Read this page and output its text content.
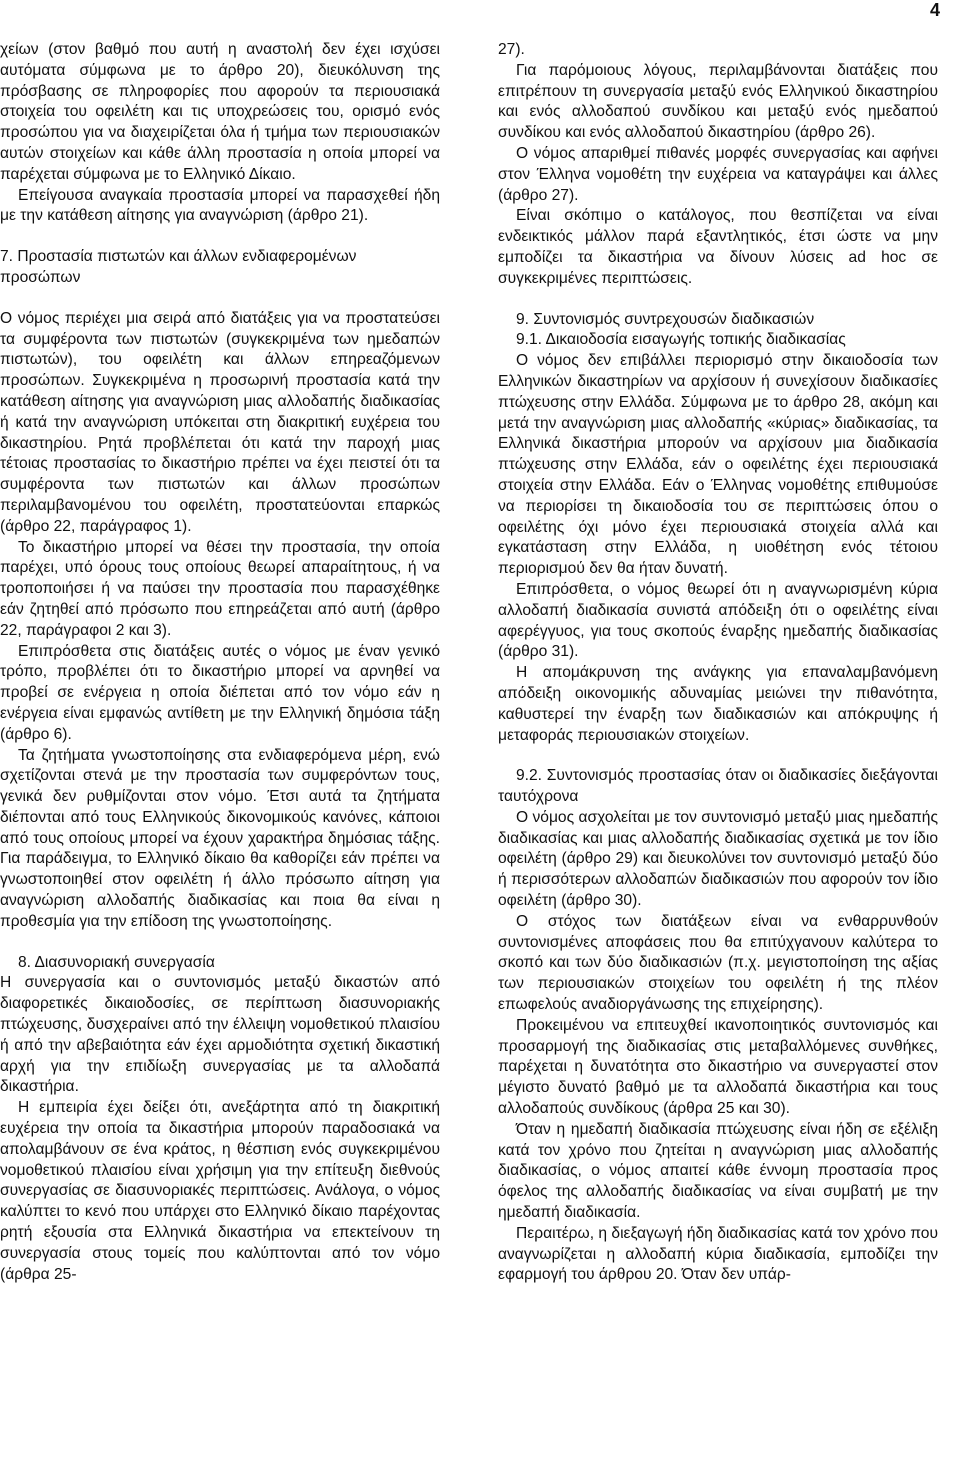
4

χείων (στον βαθμό που αυτή η αναστολή δεν έχει ισχύσει αυτόματα σύμφωνα με το άρθρο 20), διευκόλυνση της πρόσβασης σε πληροφορίες που αφορούν τα περιουσιακά στοιχεία του οφειλέτη και τις υποχρεώσεις του, ορισμό ενός προσώπου για να διαχειρίζεται όλα ή τμήμα των περιουσιακών αυτών στοιχείων και κάθε άλλη προστασία η οποία μπορεί να παρέχεται σύμφωνα με το Ελληνικό Δίκαιο.

Επείγουσα αναγκαία προστασία μπορεί να παρασχεθεί ήδη με την κατάθεση αίτησης για αναγνώριση (άρθρο 21).

7. Προστασία πιστωτών και άλλων ενδιαφερομένων προσώπων

Ο νόμος περιέχει μια σειρά από διατάξεις για να προστατεύσει τα συμφέροντα των πιστωτών (συγκεκριμένα των ημεδαπών πιστωτών), του οφειλέτη και άλλων επηρεαζόμενων προσώπων. Συγκεκριμένα η προσωρινή προστασία κατά την κατάθεση αίτησης για αναγνώριση μιας αλλοδαπής διαδικασίας ή κατά την αναγνώριση υπόκειται στη διακριτική ευχέρεια του δικαστηρίου. Ρητά προβλέπεται ότι κατά την παροχή μιας τέτοιας προστασίας το δικαστήριο πρέπει να έχει πειστεί ότι τα συμφέροντα των πιστωτών και άλλων προσώπων περιλαμβανομένου του οφειλέτη, προστατεύονται επαρκώς (άρθρο 22, παράγραφος 1).

Το δικαστήριο μπορεί να θέσει την προστασία, την οποία παρέχει, υπό όρους τους οποίους θεωρεί απαραίτητους, ή να τροποποιήσει ή να παύσει την προστασία που παρασχέθηκε εάν ζητηθεί από πρόσωπο που επηρεάζεται από αυτή (άρθρο 22, παράγραφοι 2 και 3).

Επιπρόσθετα στις διατάξεις αυτές ο νόμος με έναν γενικό τρόπο, προβλέπει ότι το δικαστήριο μπορεί να αρνηθεί να προβεί σε ενέργεια η οποία διέπεται από τον νόμο εάν η ενέργεια είναι εμφανώς αντίθετη με την Ελληνική δημόσια τάξη (άρθρο 6).

Τα ζητήματα γνωστοποίησης στα ενδιαφερόμενα μέρη, ενώ σχετίζονται στενά με την προστασία των συμφερόντων τους, γενικά δεν ρυθμίζονται στον νόμο. Έτσι αυτά τα ζητήματα διέπονται από τους Ελληνικούς δικονομικούς κανόνες, κάποιοι από τους οποίους μπορεί να έχουν χαρακτήρα δημόσιας τάξης. Για παράδειγμα, το Ελληνικό δίκαιο θα καθορίζει εάν πρέπει να γνωστοποιηθεί στον οφειλέτη ή άλλο πρόσωπο αίτηση για αναγνώριση αλλοδαπής διαδικασίας και ποια θα είναι η προθεσμία για την επίδοση της γνωστοποίησης.

8. Διασυνοριακή συνεργασία

Η συνεργασία και ο συντονισμός μεταξύ δικαστών από διαφορετικές δικαιοδοσίες, σε περίπτωση διασυνοριακής πτώχευσης, δυσχεραίνει από την έλλειψη νομοθετικού πλαισίου ή από την αβεβαιότητα εάν έχει αρμοδιότητα σχετική δικαστική αρχή για την επιδίωξη συνεργασίας με τα αλλοδαπά δικαστήρια.

Η εμπειρία έχει δείξει ότι, ανεξάρτητα από τη διακριτική ευχέρεια την οποία τα δικαστήρια μπορούν παραδοσιακά να απολαμβάνουν σε ένα κράτος, η θέσπιση ενός συγκεκριμένου νομοθετικού πλαισίου είναι χρήσιμη για την επίτευξη διεθνούς συνεργασίας σε διασυνοριακές περιπτώσεις. Ανάλογα, ο νόμος καλύπτει το κενό που υπάρχει στο Ελληνικό δίκαιο παρέχοντας ρητή εξουσία στα Ελληνικά δικαστήρια να επεκτείνουν τη συνεργασία στους τομείς που καλύπτονται από τον νόμο (άρθρα 25-

27).

Για παρόμοιους λόγους, περιλαμβάνονται διατάξεις που επιτρέπουν τη συνεργασία μεταξύ ενός Ελληνικού δικαστηρίου και ενός αλλοδαπού συνδίκου και μεταξύ ενός ημεδαπού συνδίκου και ενός αλλοδαπού δικαστηρίου (άρθρο 26).

Ο νόμος απαριθμεί πιθανές μορφές συνεργασίας και αφήνει στον Έλληνα νομοθέτη την ευχέρεια να καταγράψει και άλλες (άρθρο 27).

Είναι σκόπιμο ο κατάλογος, που θεσπίζεται να είναι ενδεικτικός μάλλον παρά εξαντλητικός, έτσι ώστε να μην εμποδίζει τα δικαστήρια να δίνουν λύσεις ad hoc σε συγκεκριμένες περιπτώσεις.

9. Συντονισμός συντρεχουσών διαδικασιών

9.1. Δικαιοδοσία εισαγωγής τοπικής διαδικασίας

Ο νόμος δεν επιβάλλει περιορισμό στην δικαιοδοσία των Ελληνικών δικαστηρίων να αρχίσουν ή συνεχίσουν διαδικασίες πτώχευσης στην Ελλάδα. Σύμφωνα με το άρθρο 28, ακόμη και μετά την αναγνώριση μιας αλλοδαπής «κύριας» διαδικασίας, τα Ελληνικά δικαστήρια μπορούν να αρχίσουν μια διαδικασία πτώχευσης στην Ελλάδα, εάν ο οφειλέτης έχει περιουσιακά στοιχεία στην Ελλάδα. Εάν ο Έλληνας νομοθέτης επιθυμούσε να περιορίσει τη δικαιοδοσία του σε περιπτώσεις όπου ο οφειλέτης όχι μόνο έχει περιουσιακά στοιχεία αλλά και εγκατάσταση στην Ελλάδα, η υιοθέτηση ενός τέτοιου περιορισμού δεν θα ήταν δυνατή.

Επιπρόσθετα, ο νόμος θεωρεί ότι η αναγνωρισμένη κύρια αλλοδαπή διαδικασία συνιστά απόδειξη ότι ο οφειλέτης είναι αφερέγγυος, για τους σκοπούς έναρξης ημεδαπής διαδικασίας (άρθρο 31).

Η απομάκρυνση της ανάγκης για επαναλαμβανόμενη απόδειξη οικονομικής αδυναμίας μειώνει την πιθανότητα, καθυστερεί την έναρξη των διαδικασιών και απόκρυψης ή μεταφοράς περιουσιακών στοιχείων.

9.2. Συντονισμός προστασίας όταν οι διαδικασίες διεξάγονται ταυτόχρονα

Ο νόμος ασχολείται με τον συντονισμό μεταξύ μιας ημεδαπής διαδικασίας και μιας αλλοδαπής διαδικασίας σχετικά με τον ίδιο οφειλέτη (άρθρο 29) και διευκολύνει τον συντονισμό μεταξύ δύο ή περισσότερων αλλοδαπών διαδικασιών που αφορούν τον ίδιο οφειλέτη (άρθρο 30).

Ο στόχος των διατάξεων είναι να ενθαρρυνθούν συντονισμένες αποφάσεις που θα επιτύχγανουν καλύτερα το σκοπό και των δύο διαδικασιών (π.χ. μεγιστοποίηση της αξίας των περιουσιακών στοιχείων του οφειλέτη ή της πλέον επωφελούς αναδιοργάνωσης της επιχείρησης).

Προκειμένου να επιτευχθεί ικανοποιητικός συντονισμός και προσαρμογή της διαδικασίας στις μεταβαλλόμενες συνθήκες, παρέχεται η δυνατότητα στο δικαστήριο να συνεργαστεί στον μέγιστο δυνατό βαθμό με τα αλλοδαπά δικαστήρια και τους αλλοδαπούς συνδίκους (άρθρα 25 και 30).

Όταν η ημεδαπή διαδικασία πτώχευσης είναι ήδη σε εξέλιξη κατά τον χρόνο που ζητείται η αναγνώριση μιας αλλοδαπής διαδικασίας, ο νόμος απαιτεί κάθε έννομη προστασία προς όφελος της αλλοδαπής διαδικασίας να είναι συμβατή με την ημεδαπή διαδικασία.

Περαιτέρω, η διεξαγωγή ήδη διαδικασίας κατά τον χρόνο που αναγνωρίζεται η αλλοδαπή κύρια διαδικασία, εμποδίζει την εφαρμογή του άρθρου 20. Όταν δεν υπάρ-
